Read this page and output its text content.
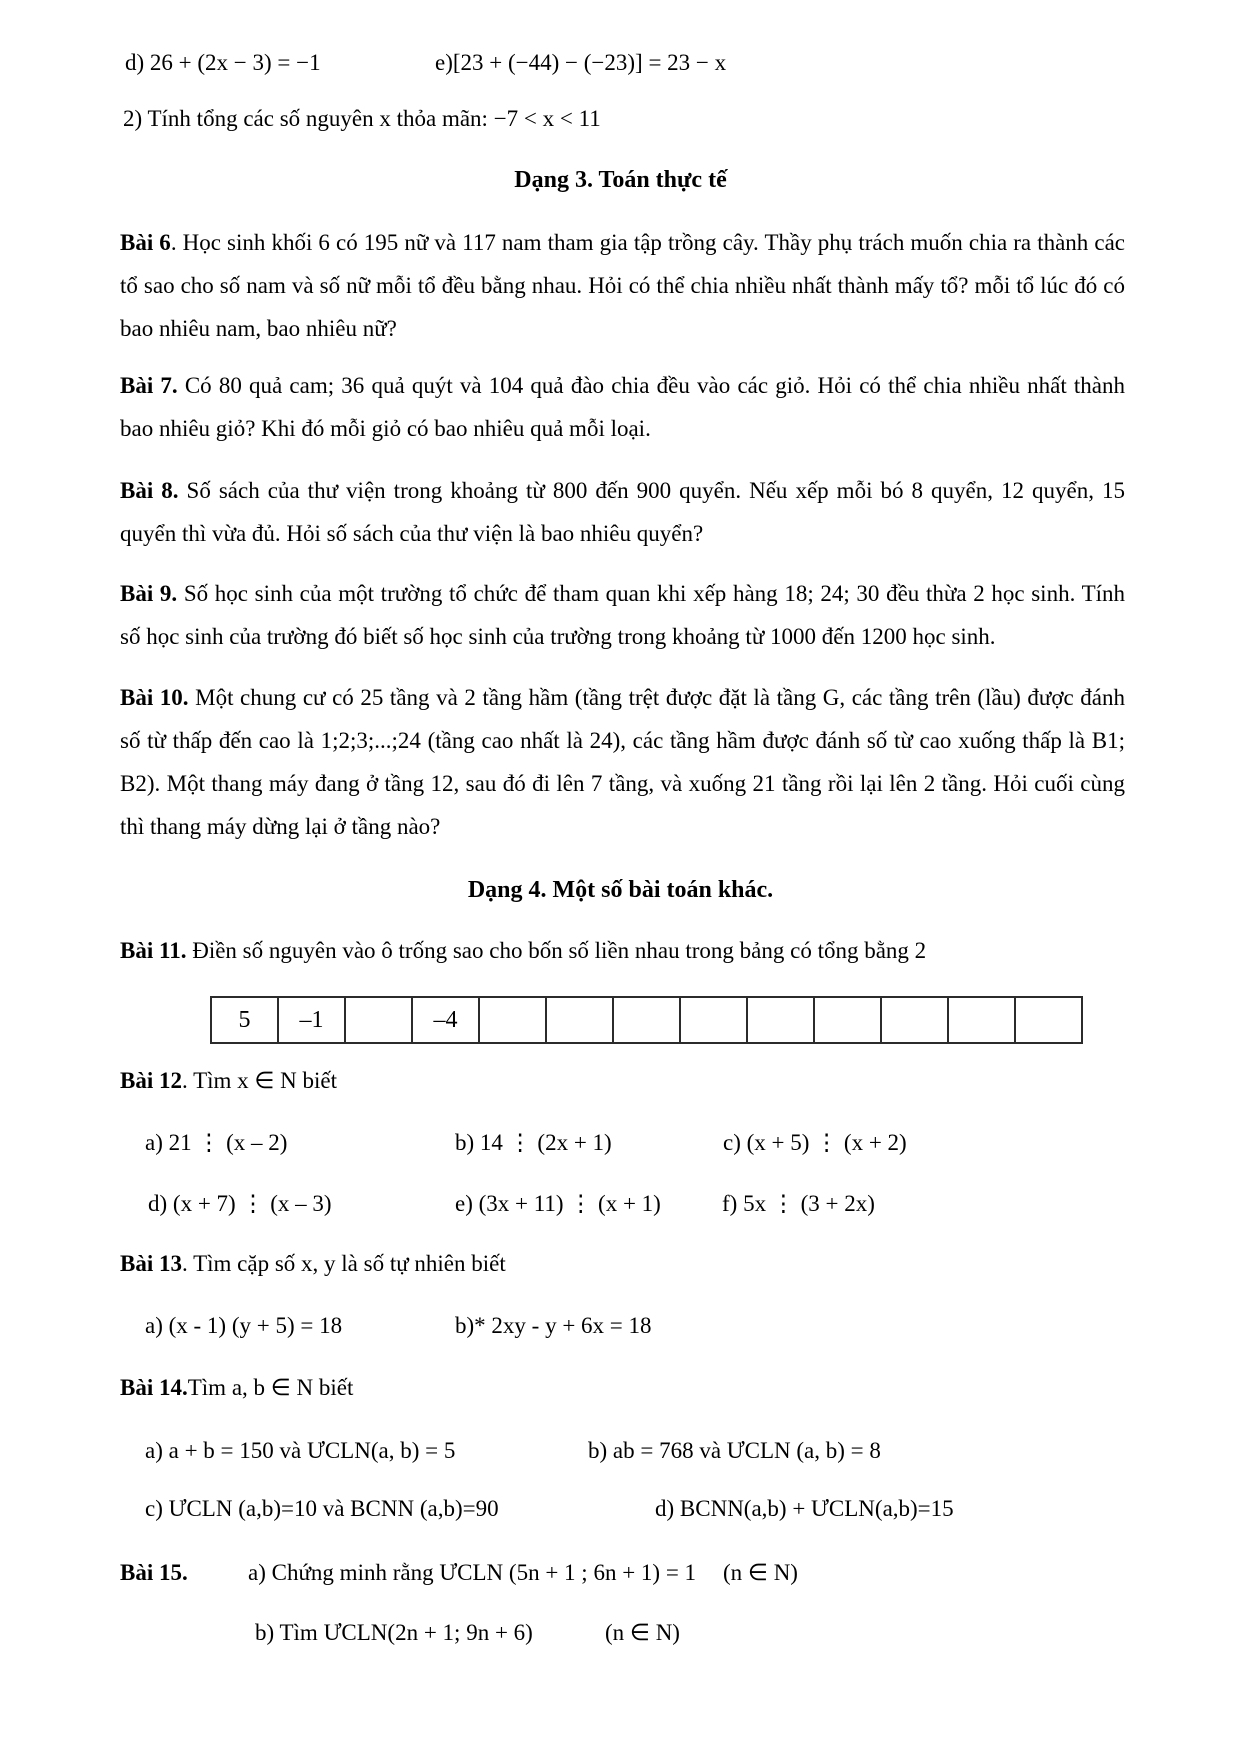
d) 26 + (2x − 3) = −1	e)[23 + (−44) − (−23)] = 23 − x
2) Tính tổng các số nguyên x thỏa mãn: −7 < x < 11
Dạng 3. Toán thực tế

Bài 6. Học sinh khối 6 có 195 nữ và 117 nam tham gia tập trồng cây. Thầy phụ trách muốn chia ra thành các tổ sao cho số nam và số nữ mỗi tổ đều bằng nhau. Hỏi có thể chia nhiều nhất thành mấy tổ? mỗi tổ lúc đó có bao nhiêu nam, bao nhiêu nữ?

Bài 7. Có 80 quả cam; 36 quả quýt và 104 quả đào chia đều vào các giỏ. Hỏi có thể chia nhiều nhất thành bao nhiêu giỏ? Khi đó mỗi giỏ có bao nhiêu quả mỗi loại.

Bài 8. Số sách của thư viện trong khoảng từ 800 đến 900 quyển. Nếu xếp mỗi bó 8 quyển, 12 quyển, 15 quyển thì vừa đủ. Hỏi số sách của thư viện là bao nhiêu quyển?

Bài 9. Số học sinh của một trường tổ chức để tham quan khi xếp hàng 18; 24; 30 đều thừa 2 học sinh. Tính số học sinh của trường đó biết số học sinh của trường trong khoảng từ 1000 đến 1200 học sinh.

Bài 10. Một chung cư có 25 tầng và 2 tầng hầm (tầng trệt được đặt là tầng G, các tầng trên (lầu) được đánh số từ thấp đến cao là 1;2;3;...;24 (tầng cao nhất là 24), các tầng hầm được đánh số từ cao xuống thấp là B1; B2). Một thang máy đang ở tầng 12, sau đó đi lên 7 tầng, và xuống 21 tầng rồi lại lên 2 tầng. Hỏi cuối cùng thì thang máy dừng lại ở tầng nào?

Dạng 4. Một số bài toán khác.

Bài 11. Điền số nguyên vào ô trống sao cho bốn số liền nhau trong bảng có tổng bằng 2

5	–1		–4									
Bài 12 . Tìm x ∈ N biết
a) 21 ⋮ (x – 2)	b) 14 ⋮ (2x + 1)	c) (x + 5) ⋮ (x + 2)
d) (x + 7) ⋮ (x – 3)	e) (3x + 11) ⋮ (x + 1)	f) 5x ⋮ (3 + 2x)
Bài 13 . Tìm cặp số x, y là số tự nhiên biết
a) (x - 1) (y + 5) = 18	b)* 2xy - y + 6x = 18
Bài 14. Tìm a, b ∈ N biết
a) a + b = 150 và ƯCLN(a, b) = 5	b) ab = 768 và ƯCLN (a, b) = 8
c) ƯCLN (a,b)=10 và BCNN (a,b)=90	d) BCNN(a,b) + ƯCLN(a,b)=15
Bài 15.	a) Chứng minh rằng ƯCLN (5n + 1 ; 6n + 1) = 1 (n ∈ N)
b) Tìm ƯCLN(2n + 1; 9n + 6)	(n ∈ N)
